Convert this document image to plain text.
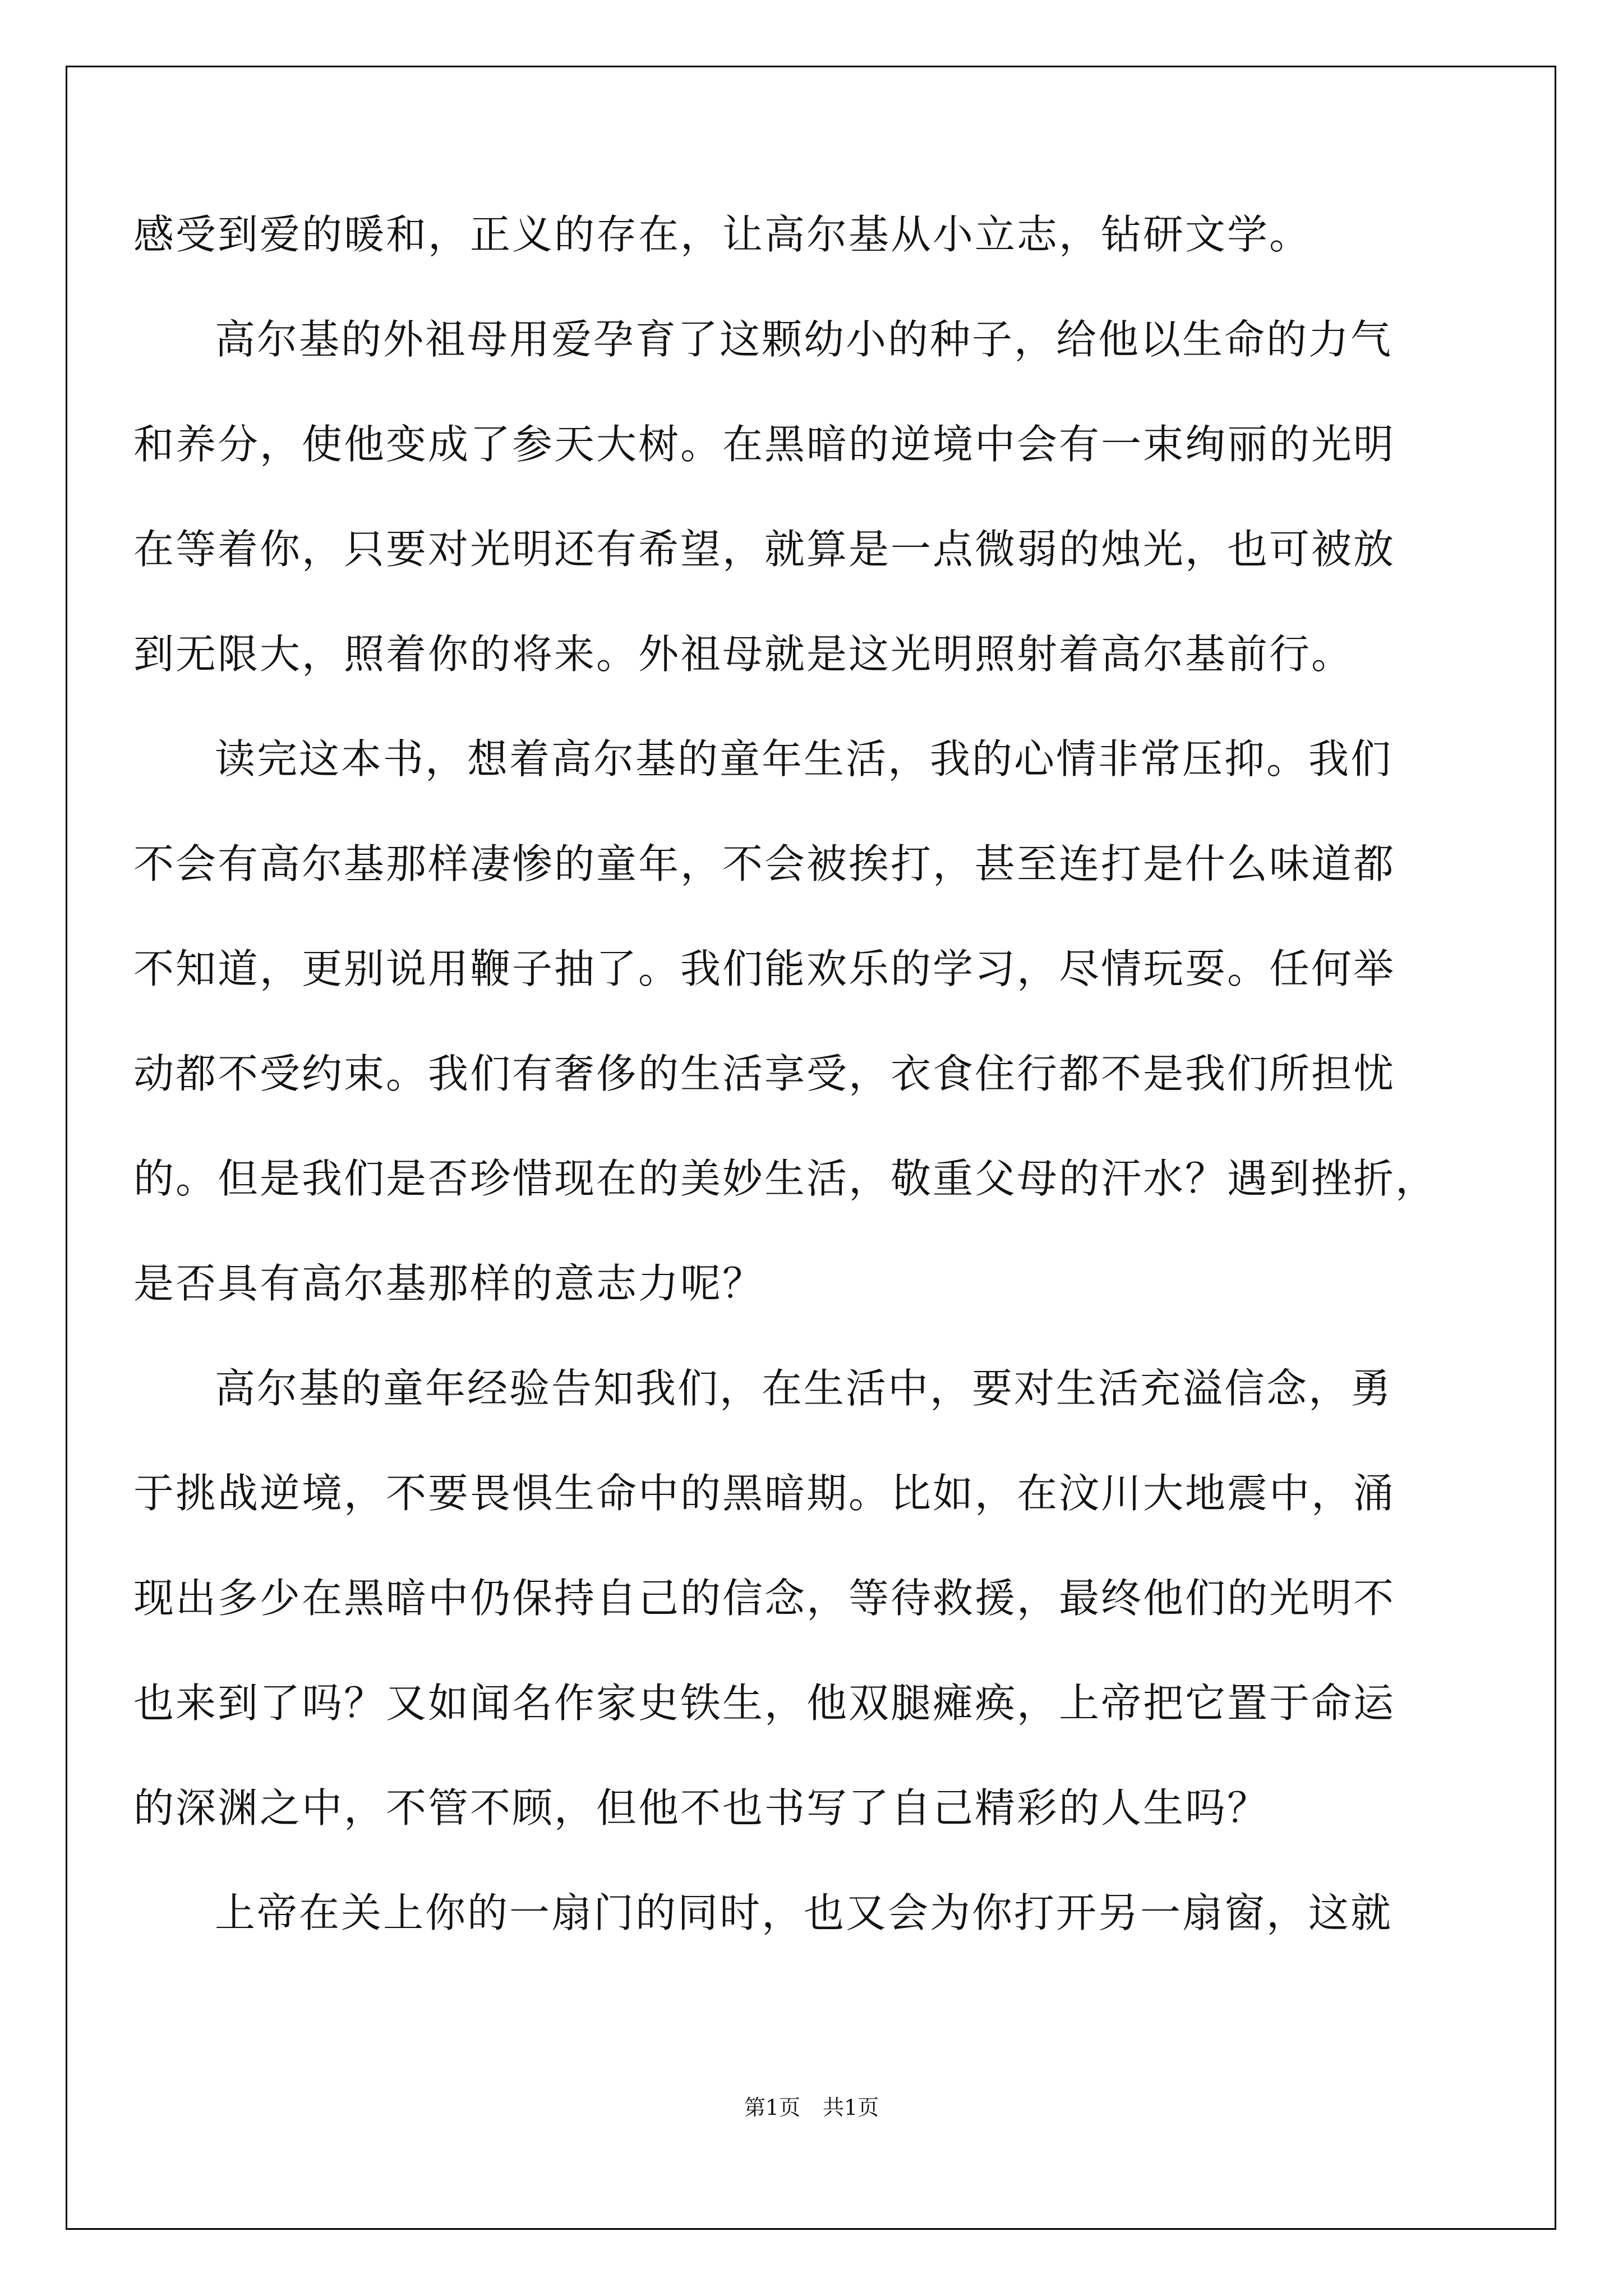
感受到爱的暖和，正义的存在，让高尔基从小立志，钻研文学。
高尔基的外祖母用爱孕育了这颗幼小的种子，给他以生命的力气
和养分，使他变成了参天大树。在黑暗的逆境中会有一束绚丽的光明
在等着你，只要对光明还有希望，就算是一点微弱的烛光，也可被放
到无限大，照着你的将来。外祖母就是这光明照射着高尔基前行。
读完这本书，想着高尔基的童年生活，我的心情非常压抑。我们
不会有高尔基那样凄惨的童年，不会被挨打，甚至连打是什么味道都
不知道，更别说用鞭子抽了。我们能欢乐的学习，尽情玩耍。任何举
动都不受约束。我们有奢侈的生活享受，衣食住行都不是我们所担忧
的。但是我们是否珍惜现在的美妙生活，敬重父母的汗水？遇到挫折，
是否具有高尔基那样的意志力呢？
高尔基的童年经验告知我们，在生活中，要对生活充溢信念，勇
于挑战逆境，不要畏惧生命中的黑暗期。比如，在汶川大地震中，涌
现出多少在黑暗中仍保持自己的信念，等待救援，最终他们的光明不
也来到了吗？又如闻名作家史铁生，他双腿瘫痪，上帝把它置于命运
的深渊之中，不管不顾，但他不也书写了自己精彩的人生吗？
上帝在关上你的一扇门的同时，也又会为你打开另一扇窗，这就
第1页 共1页
